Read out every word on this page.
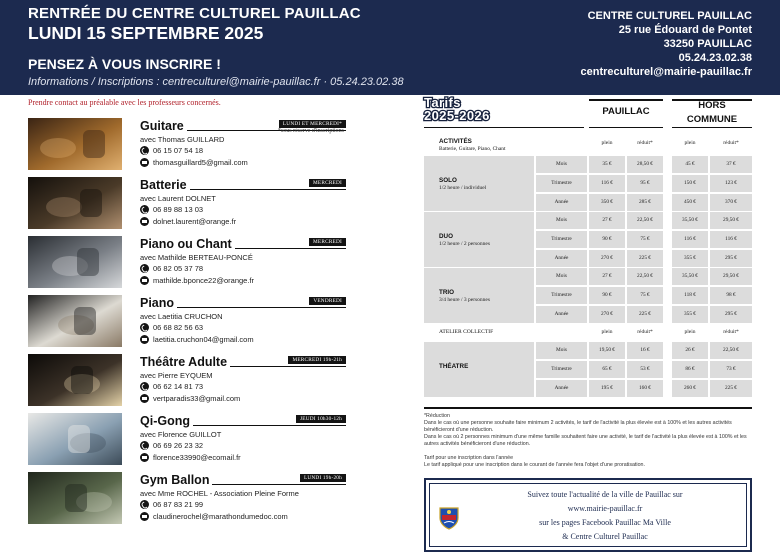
RENTRÉE DU CENTRE CULTUREL PAUILLAC
LUNDI 15 SEPTEMBRE 2025
PENSEZ À VOUS INSCRIRE !
Informations / Inscriptions : centreculturel@mairie-pauillac.fr · 05.24.23.02.38
CENTRE CULTUREL PAUILLAC
25 rue Édouard de Pontet
33250 PAUILLAC
05.24.23.02.38
centreculturel@mairie-pauillac.fr
Prendre contact au préalable avec les professeurs concernés.
Guitare	LUNDI ET MERCREDI*
*sous réserve d'inscriptions
avec Thomas GUILLARD
06 15 07 54 18
thomasguillard5@gmail.com
Batterie	MERCREDI
avec Laurent DOLNET
06 89 88 13 03
dolnet.laurent@orange.fr
Piano ou Chant	MERCREDI
avec Mathilde BERTEAU-PONCÉ
06 82 05 37 78
mathilde.bponce22@orange.fr
Piano	VENDREDI
avec Laetitia CRUCHON
06 68 82 56 63
laetitia.cruchon04@gmail.com
Théâtre Adulte	MERCREDI 19h-21h
avec Pierre EYQUEM
06 62 14 81 73
vertparadis33@gmail.com
Qi-Gong	JEUDI 10h30-12h
avec Florence GUILLOT
06 69 26 23 32
florence33990@ecomail.fr
Gym Ballon	LUNDI 19h-20h
avec Mme ROCHEL - Association Pleine Forme
06 87 83 21 99
claudinerochel@marathondumedoc.com
Tarifs
2025-2026	PAUILLAC
HORS
COMMUNE
ACTIVITÉS
Batterie, Guitare, Piano, Chant
plein	réduit*	plein	réduit*
SOLO
1/2 heure / individuel
Mois	35 €	28,50 €	45 €	37 €
Trimestre	116 €	95 €	150 €	123 €
Année	350 €	285 €	450 €	370 €
DUO
1/2 heure / 2 personnes
Mois	27 €	22,50 €	35,50 €	29,50 €
Trimestre	90 €	75 €	116 €	116 €
Année	270 €	225 €	355 €	295 €
TRIO
3/4 heure / 3 personnes
Mois	27 €	22,50 €	35,50 €	29,50 €
Trimestre	90 €	75 €	118 €	98 €
Année	270 €	225 €	355 €	295 €
THÉATRE
Mois	19,50 €	16 €	26 €	22,50 €
Trimestre	65 €	53 €	86 €	73 €
Année	195 €	160 €	260 €	225 €
ATELIER COLLECTIF	plein	réduit*	plein	réduit*

*Réduction

Dans le cas où une personne souhaite faire minimum 2 activités, le tarif de l'activité la plus élevée est à 100% et les autres activités bénéficieront d'une réduction.

Dans le cas où 2 personnes minimum d'une même famille souhaitent faire une activité, le tarif de l'activité la plus élevée est à 100% et les autres activités bénéficieront d'une réduction.

Tarif pour une inscription dans l'année

Le tarif appliqué pour une inscription dans le courant de l'année fera l'objet d'une proratisation.

Suivez toute l'actualité de la ville de Pauillac sur
www.mairie-pauillac.fr
sur les pages Facebook Pauillac Ma Ville
& Centre Culturel Pauillac
